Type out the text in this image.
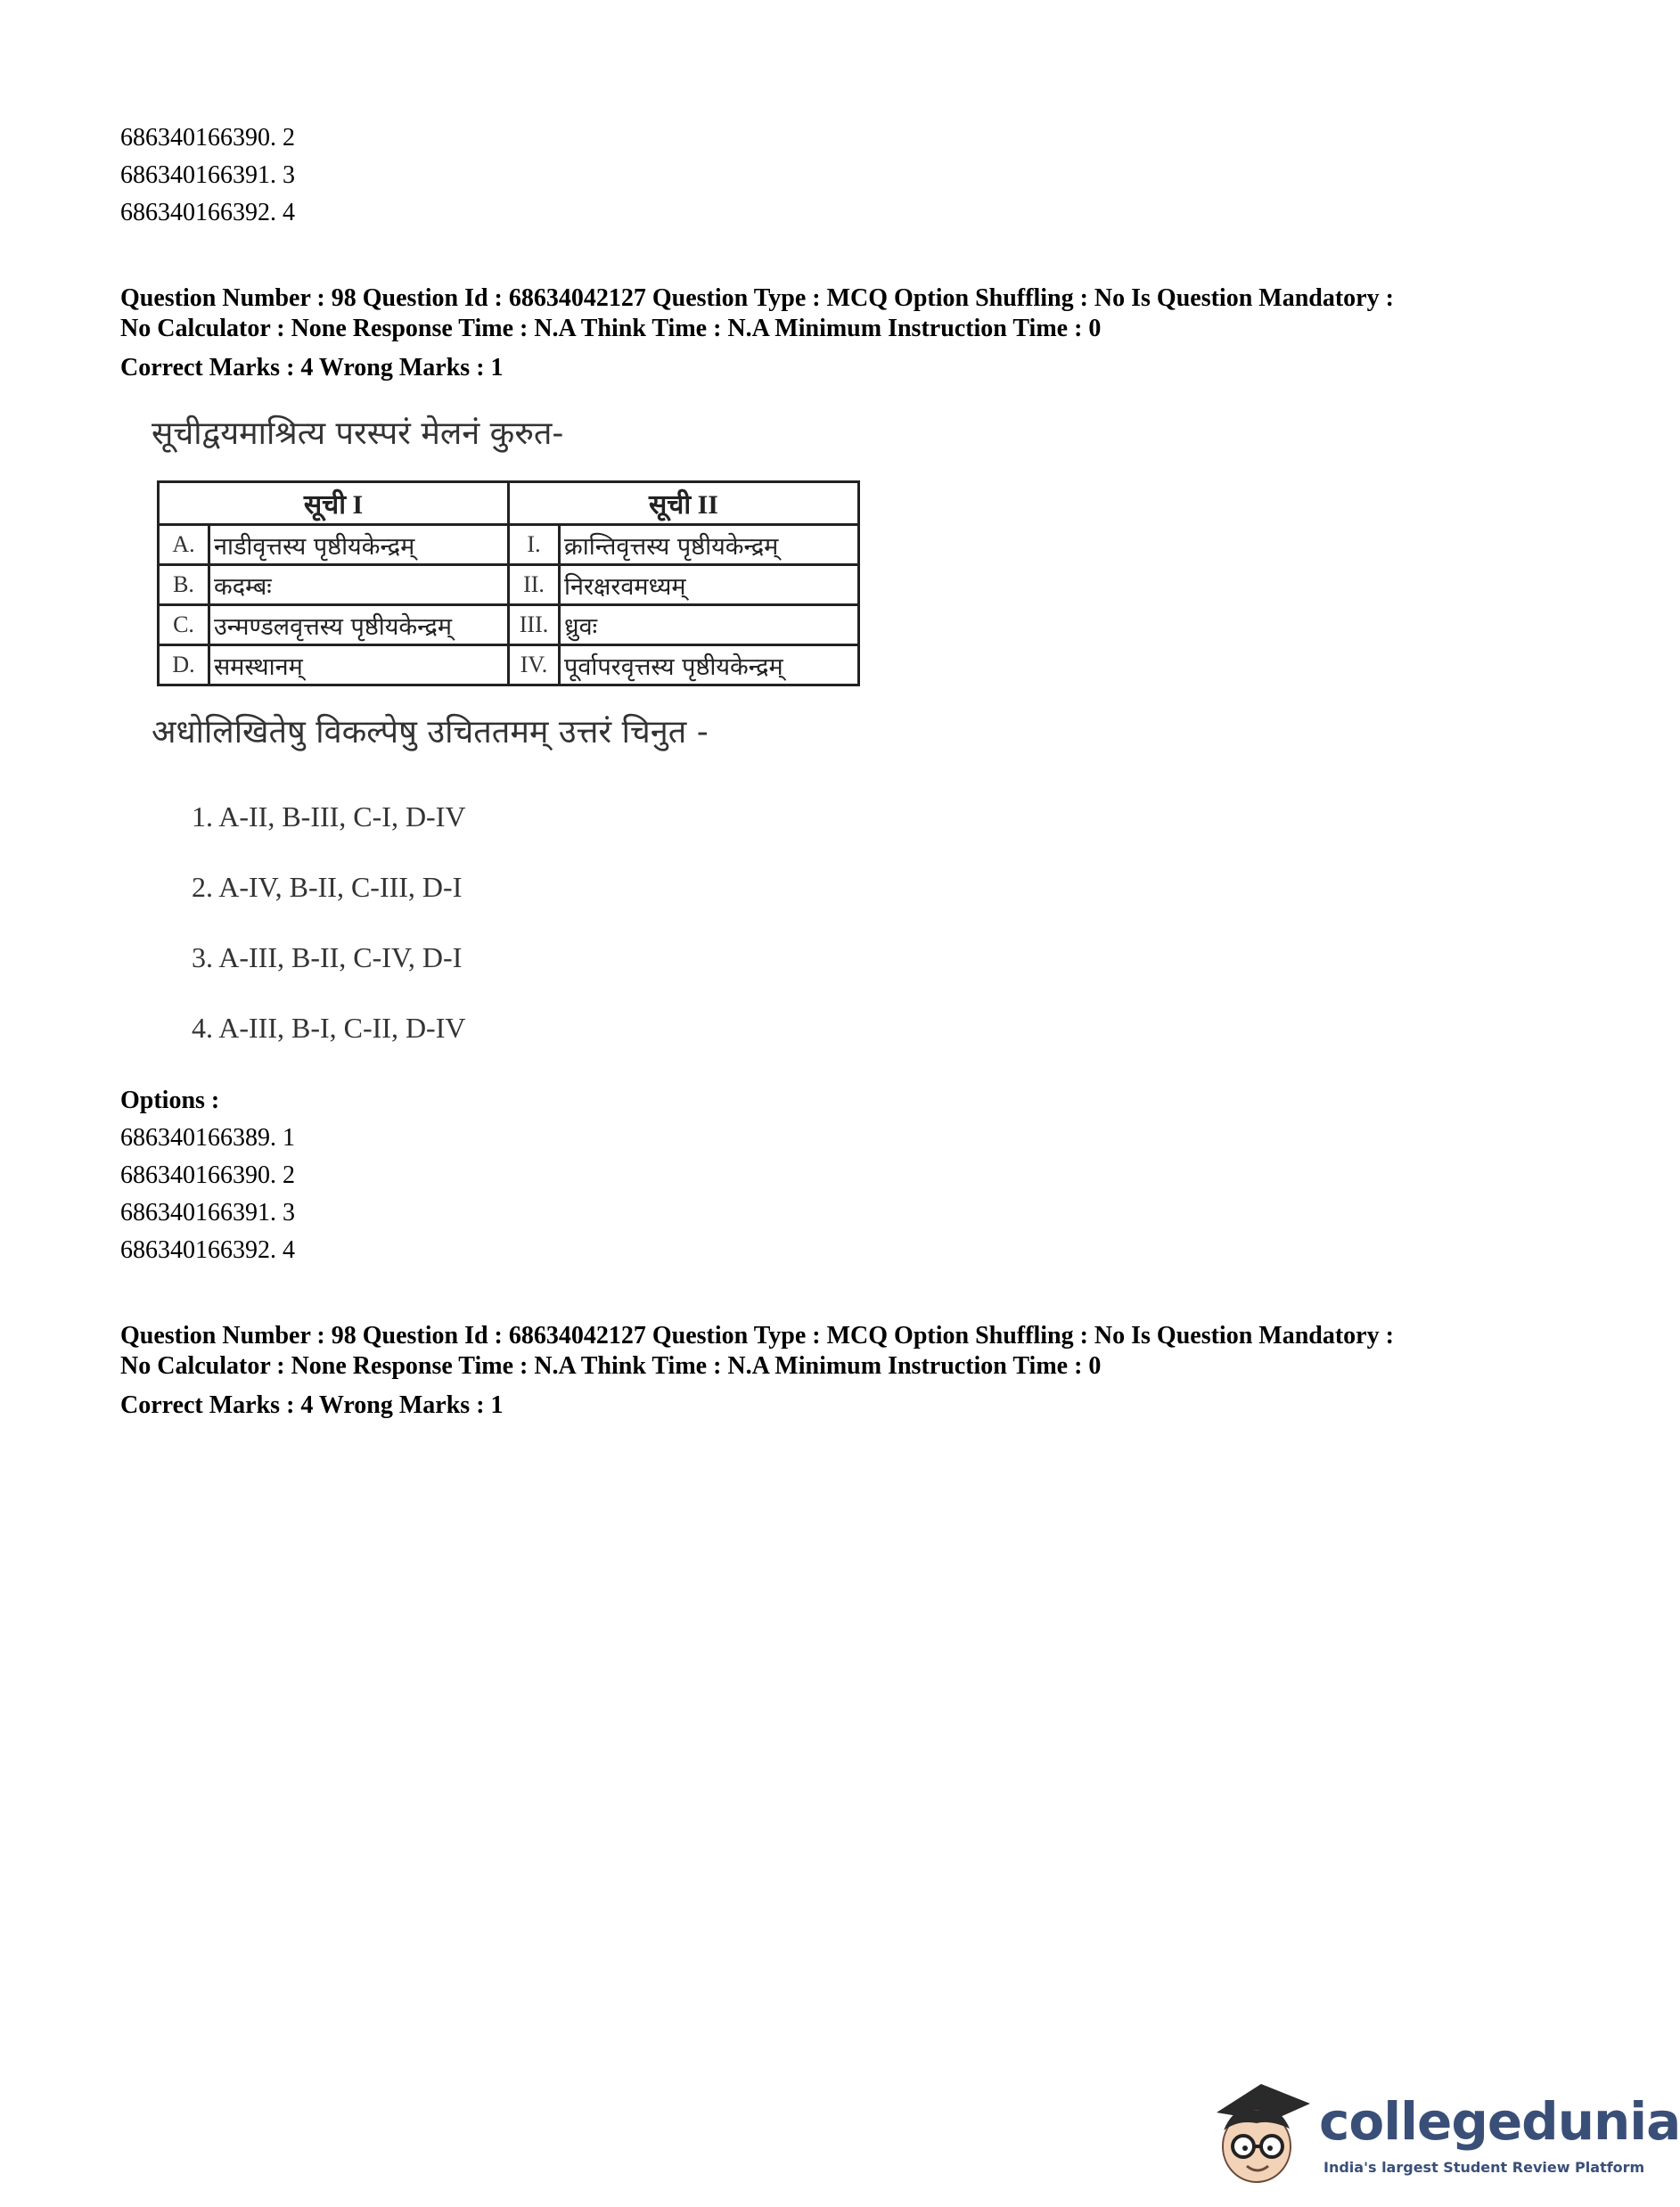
686340166390. 2
686340166391. 3
686340166392. 4
Question Number : 98 Question Id : 68634042127 Question Type : MCQ Option Shuffling : No Is Question Mandatory :
No Calculator : None Response Time : N.A Think Time : N.A Minimum Instruction Time : 0
Correct Marks : 4 Wrong Marks : 1
सूचीद्वयमाश्रित्य परस्परं मेलनं कुरुत-
सूची I		सूची II	
A.	नाडीवृत्तस्य पृष्ठीयकेन्द्रम्	I.	क्रान्तिवृत्तस्य पृष्ठीयकेन्द्रम्
B.	कदम्बः	II.	निरक्षरवमध्यम्
C.	उन्मण्डलवृत्तस्य पृष्ठीयकेन्द्रम्	III.	ध्रुवः
D.	समस्थानम्	IV.	पूर्वापरवृत्तस्य पृष्ठीयकेन्द्रम्
अधोलिखितेषु विकल्पेषु उचिततमम् उत्तरं चिनुत -
1. A-II, B-III, C-I, D-IV
2. A-IV, B-II, C-III, D-I
3. A-III, B-II, C-IV, D-I
4. A-III, B-I, C-II, D-IV
Options :
686340166389. 1
686340166390. 2
686340166391. 3
686340166392. 4
Question Number : 98 Question Id : 68634042127 Question Type : MCQ Option Shuffling : No Is Question Mandatory :
No Calculator : None Response Time : N.A Think Time : N.A Minimum Instruction Time : 0
Correct Marks : 4 Wrong Marks : 1
collegedunia
India's largest Student Review Platform
